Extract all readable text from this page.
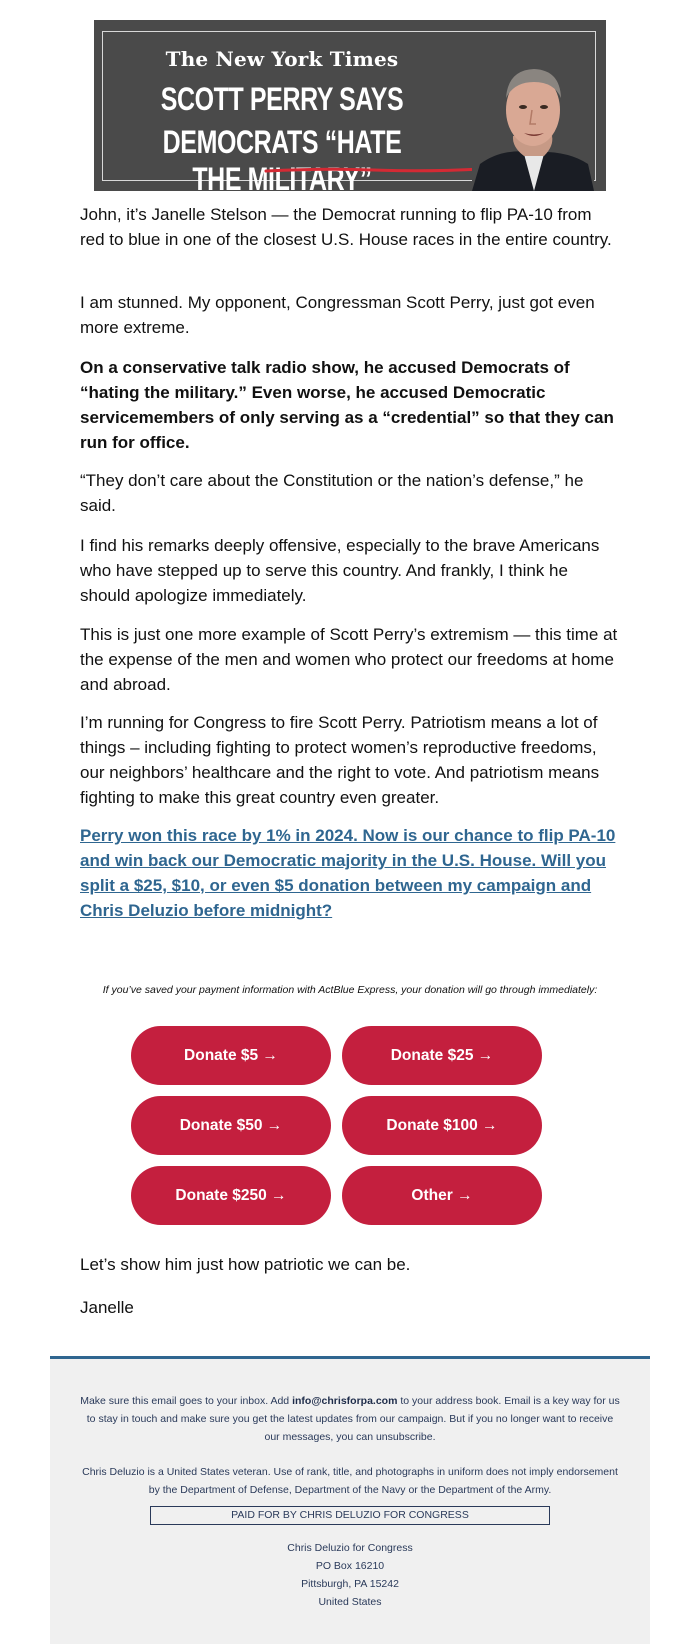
The New York Times
SCOTT PERRY SAYS
DEMOCRATS “HATE THE MILITARY”

John, it’s Janelle Stelson — the Democrat running to flip PA-10 from red to blue in one of the closest U.S. House races in the entire country.

I am stunned. My opponent, Congressman Scott Perry, just got even more extreme.

On a conservative talk radio show, he accused Democrats of “hating the military.” Even worse, he accused Democratic servicemembers of only serving as a “credential” so that they can run for office.

“They don’t care about the Constitution or the nation’s defense,” he said.

I find his remarks deeply offensive, especially to the brave Americans who have stepped up to serve this country. And frankly, I think he should apologize immediately.

This is just one more example of Scott Perry’s extremism — this time at the expense of the men and women who protect our freedoms at home and abroad.

I’m running for Congress to fire Scott Perry. Patriotism means a lot of things – including fighting to protect women’s reproductive freedoms, our neighbors’ healthcare and the right to vote. And patriotism means fighting to make this great country even greater.

Perry won this race by 1% in 2024. Now is our chance to flip PA-10 and win back our Democratic majority in the U.S. House. Will you split a $25, $10, or even $5 donation between my campaign and Chris Deluzio before midnight?
If you’ve saved your payment information with ActBlue Express, your donation will go through immediately:
Donate $5 →	Donate $25 →
Donate $50 →	Donate $100 →
Donate $250 →	Other →

Let’s show him just how patriotic we can be.

Janelle

Make sure this email goes to your inbox. Add info@chrisforpa.com to your address book. Email is a key way for us to stay in touch and make sure you get the latest updates from our campaign. But if you no longer want to receive our messages, you can unsubscribe.

Chris Deluzio is a United States veteran. Use of rank, title, and photographs in uniform does not imply endorsement by the Department of Defense, Department of the Navy or the Department of the Army.

PAID FOR BY CHRIS DELUZIO FOR CONGRESS

Chris Deluzio for Congress
PO Box 16210
Pittsburgh, PA 15242
United States
